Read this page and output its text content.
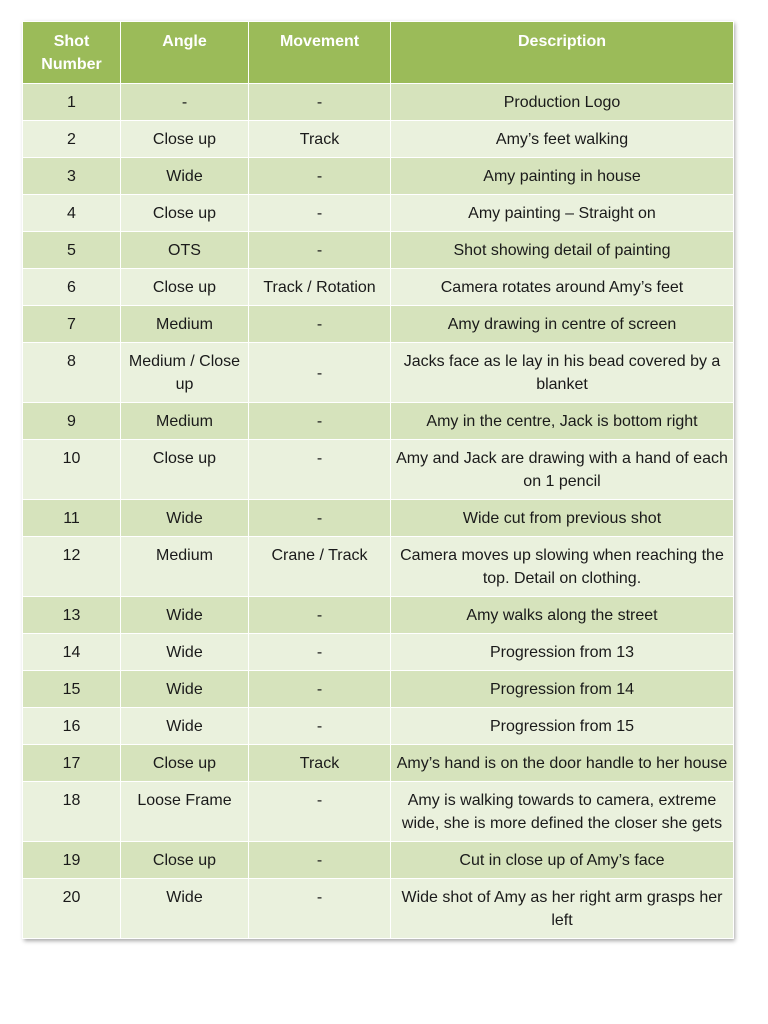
Shot Number	Angle	Movement	Description
1	-	-	Production Logo
2	Close up	Track	Amy’s feet walking
3	Wide	-	Amy painting in house
4	Close up	-	Amy painting – Straight on
5	OTS	-	Shot showing detail of painting
6	Close up	Track / Rotation	Camera rotates around Amy’s feet
7	Medium	-	Amy drawing in centre of screen
8	Medium / Close up	-	Jacks face as le lay in his bead covered by a blanket
9	Medium	-	Amy in the centre, Jack is bottom right
10	Close up	-	Amy and Jack are drawing with a hand of each on 1 pencil
11	Wide	-	Wide cut from previous shot
12	Medium	Crane / Track	Camera moves up slowing when reaching the top. Detail on clothing.
13	Wide	-	Amy walks along the street
14	Wide	-	Progression from 13
15	Wide	-	Progression from 14
16	Wide	-	Progression from 15
17	Close up	Track	Amy’s hand is on the door handle to her house
18	Loose Frame	-	Amy is walking towards to camera, extreme wide, she is more defined the closer she gets
19	Close up	-	Cut in close up of Amy’s face
20	Wide	-	Wide shot of Amy as her right arm grasps her left
